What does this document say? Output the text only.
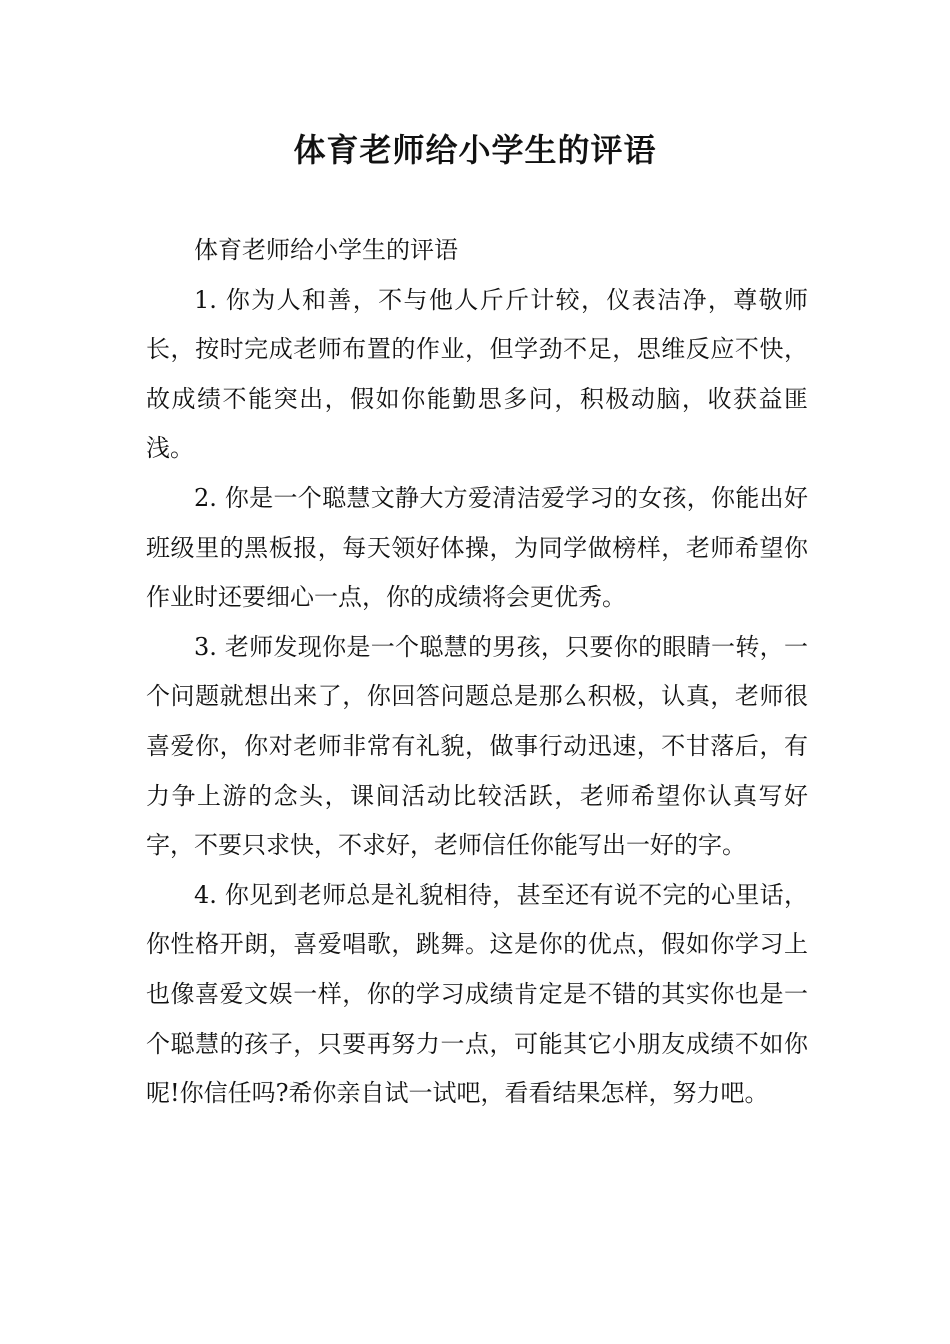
体育老师给小学生的评语

体育老师给小学生的评语

1. 你为人和善，不与他人斤斤计较，仪表洁净，尊敬师长，按时完成老师布置的作业，但学劲不足，思维反应不快，故成绩不能突出，假如你能勤思多问，积极动脑，收获益匪浅。

2. 你是一个聪慧文静大方爱清洁爱学习的女孩，你能出好班级里的黑板报，每天领好体操，为同学做榜样，老师希望你作业时还要细心一点，你的成绩将会更优秀。

3. 老师发现你是一个聪慧的男孩，只要你的眼睛一转，一个问题就想出来了，你回答问题总是那么积极，认真，老师很喜爱你，你对老师非常有礼貌，做事行动迅速，不甘落后，有力争上游的念头，课间活动比较活跃，老师希望你认真写好字，不要只求快，不求好，老师信任你能写出一好的字。

4. 你见到老师总是礼貌相待，甚至还有说不完的心里话，你性格开朗，喜爱唱歌，跳舞。这是你的优点，假如你学习上也像喜爱文娱一样，你的学习成绩肯定是不错的其实你也是一个聪慧的孩子，只要再努力一点，可能其它小朋友成绩不如你呢!你信任吗?希你亲自试一试吧，看看结果怎样，努力吧。
